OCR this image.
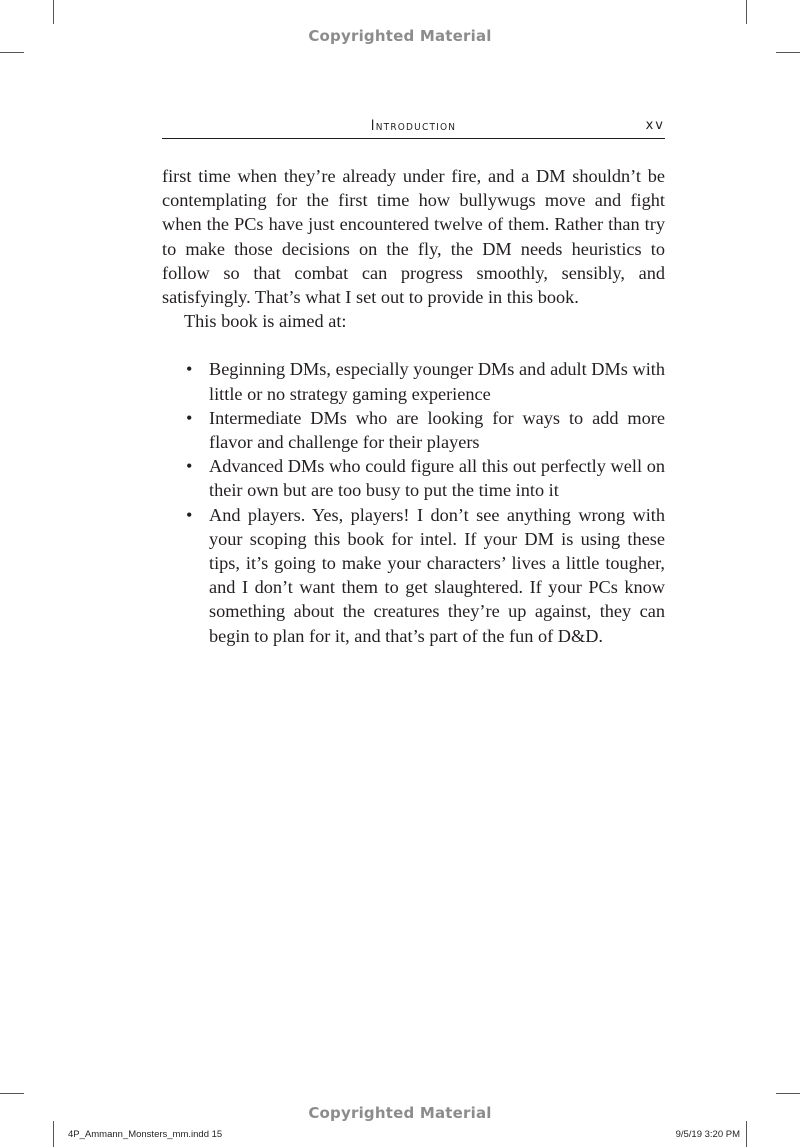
Copyrighted Material
Introduction	xv

first time when they’re already under fire, and a DM shouldn’t be contemplating for the first time how bullywugs move and fight when the PCs have just encountered twelve of them. Rather than try to make those decisions on the fly, the DM needs heuristics to follow so that combat can progress smoothly, sensibly, and satisfyingly. That’s what I set out to provide in this book.

This book is aimed at:

• Beginning DMs, especially younger DMs and adult DMs with little or no strategy gaming experience
• Intermediate DMs who are looking for ways to add more flavor and challenge for their players
• Advanced DMs who could figure all this out perfectly well on their own but are too busy to put the time into it
• And players. Yes, players! I don’t see anything wrong with your scoping this book for intel. If your DM is using these tips, it’s going to make your characters’ lives a little tougher, and I don’t want them to get slaughtered. If your PCs know something about the creatures they’re up against, they can begin to plan for it, and that’s part of the fun of D&D.
Copyrighted Material
4P_Ammann_Monsters_mm.indd 15	9/5/19 3:20 PM
